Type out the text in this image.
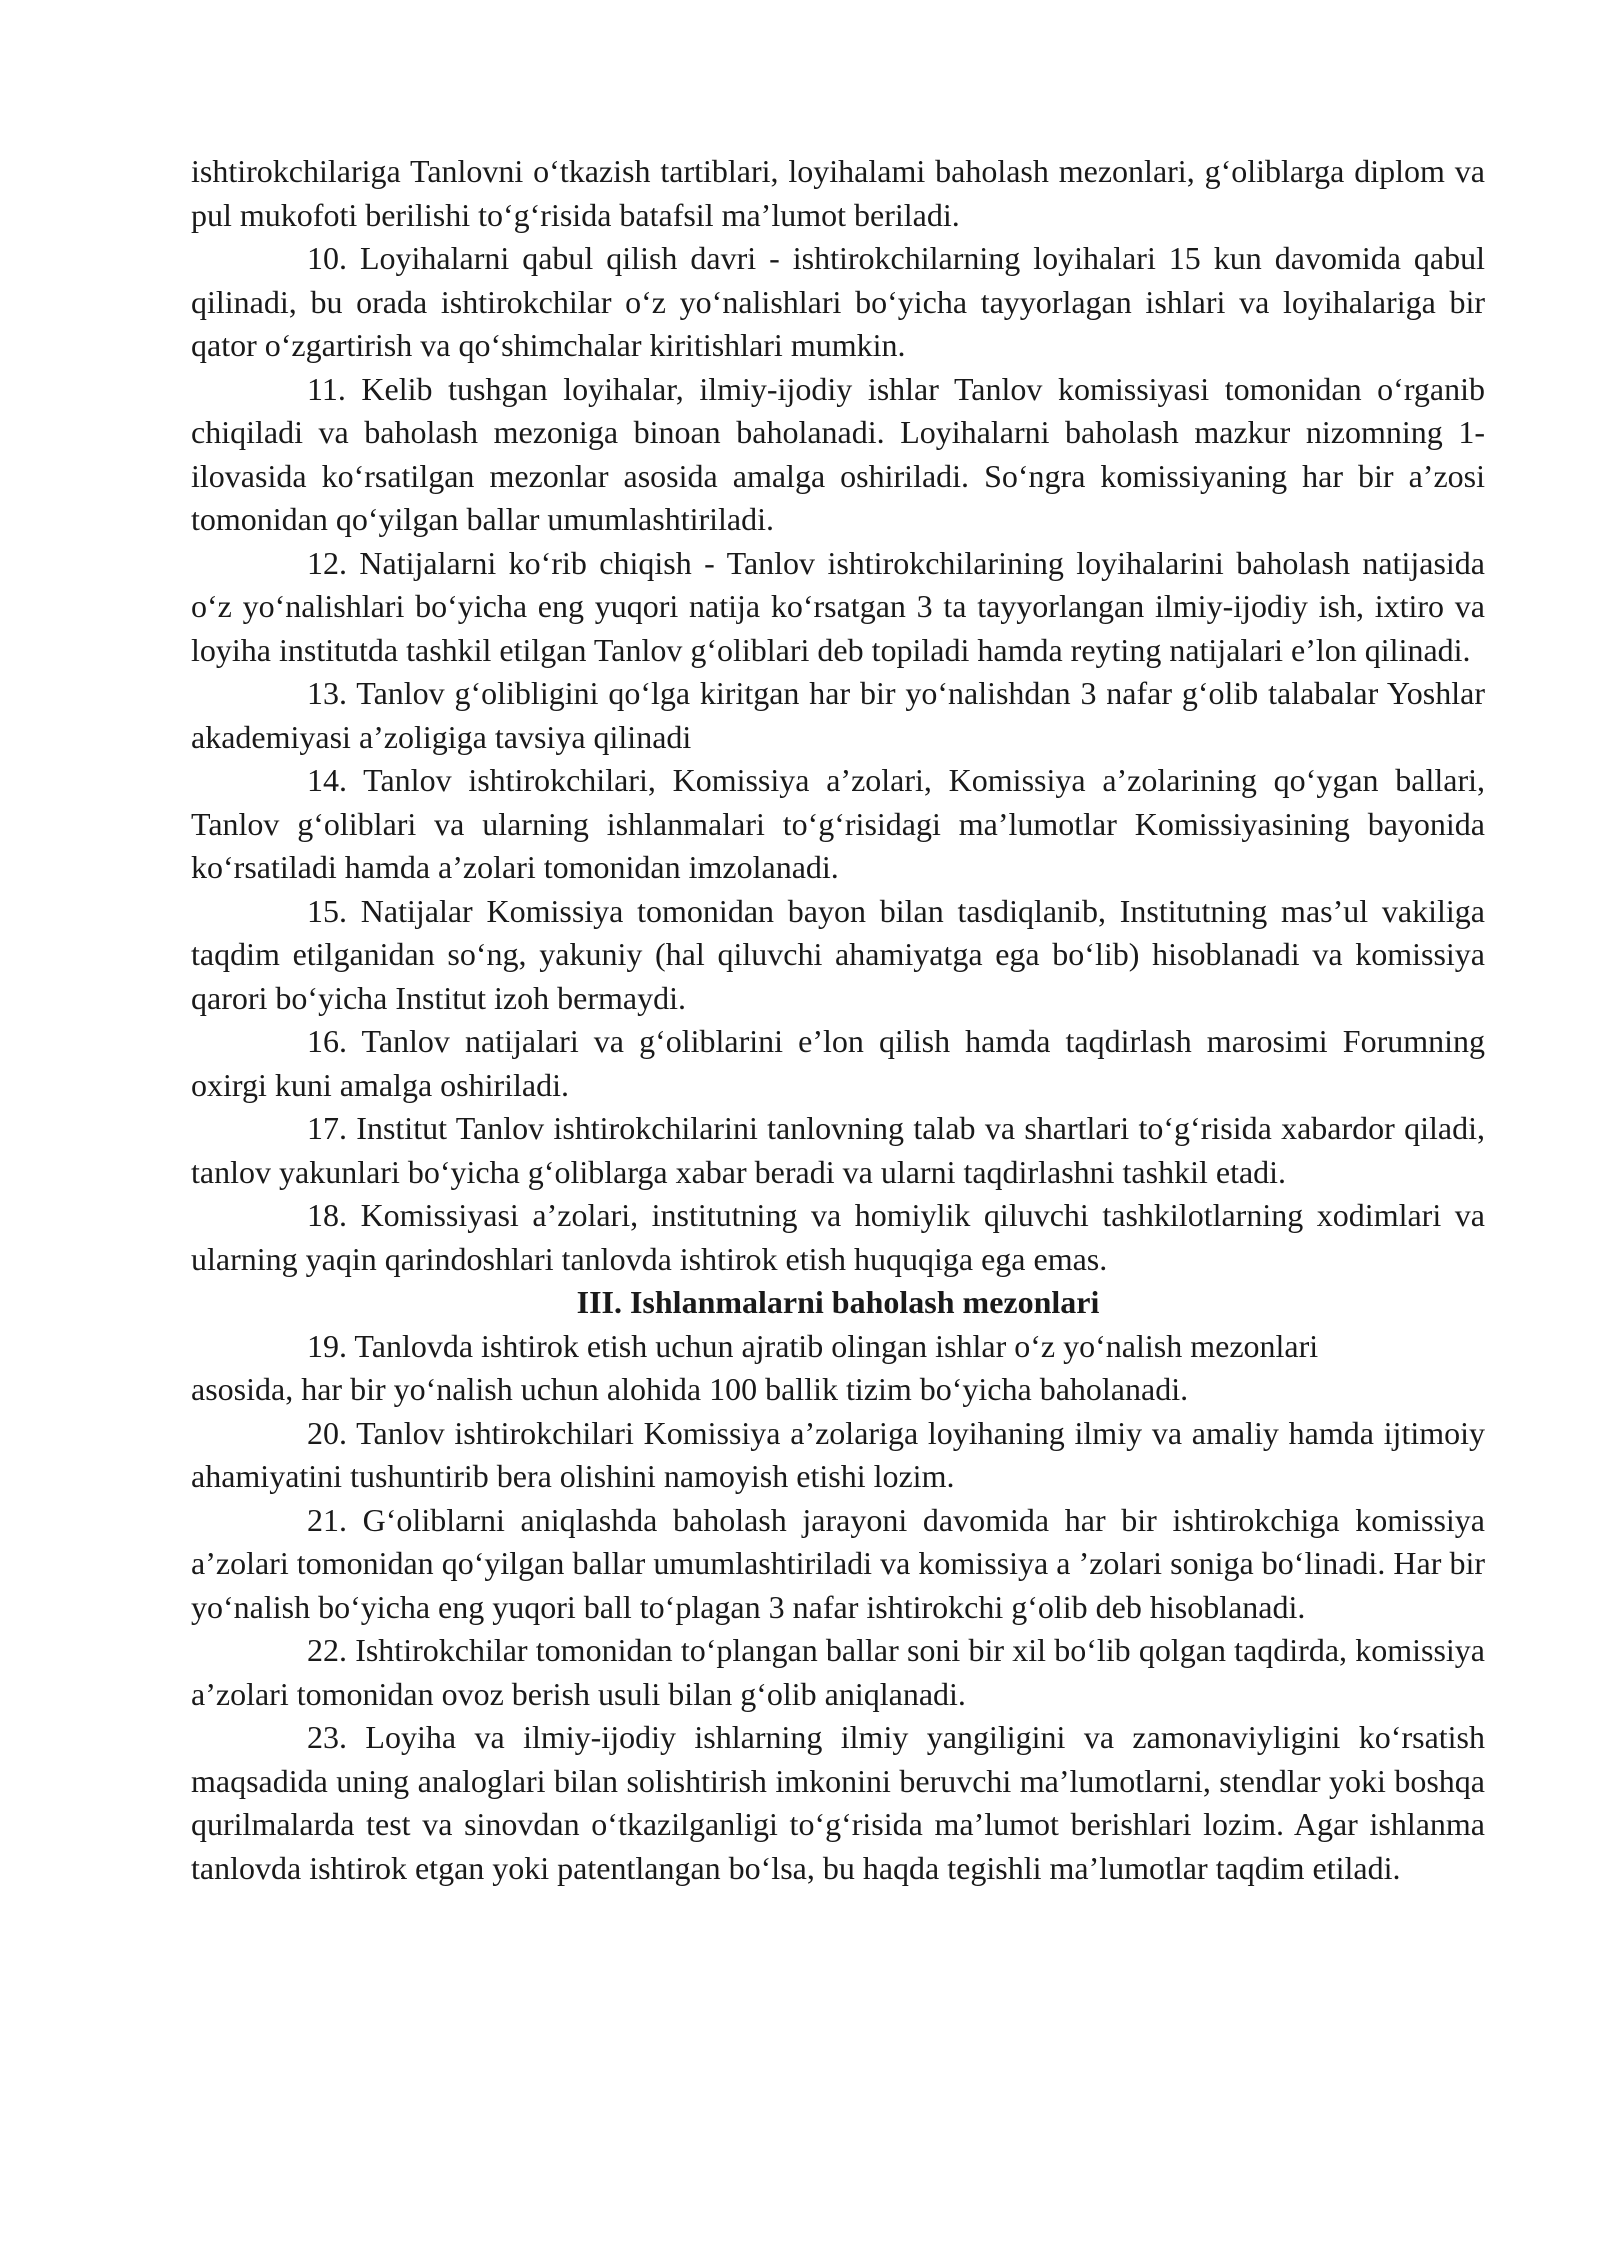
ishtirokchilariga Tanlovni o‘tkazish tartiblari, loyihalami baholash mezonlari, g‘oliblarga diplom va pul mukofoti berilishi to‘g‘risida batafsil ma’lumot beriladi.

10. Loyihalarni qabul qilish davri - ishtirokchilarning loyihalari 15 kun davomida qabul qilinadi, bu orada ishtirokchilar o‘z yo‘nalishlari bo‘yicha tayyorlagan ishlari va loyihalariga bir qator o‘zgartirish va qo‘shimchalar kiritishlari mumkin.

11. Kelib tushgan loyihalar, ilmiy-ijodiy ishlar Tanlov komissiyasi tomonidan o‘rganib chiqiladi va baholash mezoniga binoan baholanadi. Loyihalarni baholash mazkur nizomning 1-ilovasida ko‘rsatilgan mezonlar asosida amalga oshiriladi. So‘ngra komissiyaning har bir a’zosi tomonidan qo‘yilgan ballar umumlashtiriladi.

12. Natijalarni ko‘rib chiqish - Tanlov ishtirokchilarining loyihalarini baholash natijasida o‘z yo‘nalishlari bo‘yicha eng yuqori natija ko‘rsatgan 3 ta tayyorlangan ilmiy-ijodiy ish, ixtiro va loyiha institutda tashkil etilgan Tanlov g‘oliblari deb topiladi hamda reyting natijalari e’lon qilinadi.

13. Tanlov g‘olibligini qo‘lga kiritgan har bir yo‘nalishdan 3 nafar g‘olib talabalar Yoshlar akademiyasi a’zoligiga tavsiya qilinadi

14. Tanlov ishtirokchilari, Komissiya a’zolari, Komissiya a’zolarining qo‘ygan ballari, Tanlov g‘oliblari va ularning ishlanmalari to‘g‘risidagi ma’lumotlar Komissiyasining bayonida ko‘rsatiladi hamda a’zolari tomonidan imzolanadi.

15. Natijalar Komissiya tomonidan bayon bilan tasdiqlanib, Institutning mas’ul vakiliga taqdim etilganidan so‘ng, yakuniy (hal qiluvchi ahamiyatga ega bo‘lib) hisoblanadi va komissiya qarori bo‘yicha Institut izoh bermaydi.

16. Tanlov natijalari va g‘oliblarini e’lon qilish hamda taqdirlash marosimi Forumning oxirgi kuni amalga oshiriladi.

17. Institut Tanlov ishtirokchilarini tanlovning talab va shartlari to‘g‘risida xabardor qiladi, tanlov yakunlari bo‘yicha g‘oliblarga xabar beradi va ularni taqdirlashni tashkil etadi.

18. Komissiyasi a’zolari, institutning va homiylik qiluvchi tashkilotlarning xodimlari va ularning yaqin qarindoshlari tanlovda ishtirok etish huquqiga ega emas.

III. Ishlanmalarni baholash mezonlari

19. Tanlovda ishtirok etish uchun ajratib olingan ishlar o‘z yo‘nalish mezonlari

asosida, har bir yo‘nalish uchun alohida 100 ballik tizim bo‘yicha baholanadi.

20. Tanlov ishtirokchilari Komissiya a’zolariga loyihaning ilmiy va amaliy hamda ijtimoiy ahamiyatini tushuntirib bera olishini namoyish etishi lozim.

21. G‘oliblarni aniqlashda baholash jarayoni davomida har bir ishtirokchiga komissiya a’zolari tomonidan qo‘yilgan ballar umumlashtiriladi va komissiya a ’zolari soniga bo‘linadi. Har bir yo‘nalish bo‘yicha eng yuqori ball to‘plagan 3 nafar ishtirokchi g‘olib deb hisoblanadi.

22. Ishtirokchilar tomonidan to‘plangan ballar soni bir xil bo‘lib qolgan taqdirda, komissiya a’zolari tomonidan ovoz berish usuli bilan g‘olib aniqlanadi.

23. Loyiha va ilmiy-ijodiy ishlarning ilmiy yangiligini va zamonaviyligini ko‘rsatish maqsadida uning analoglari bilan solishtirish imkonini beruvchi ma’lumotlarni, stendlar yoki boshqa qurilmalarda test va sinovdan o‘tkazilganligi to‘g‘risida ma’lumot berishlari lozim. Agar ishlanma tanlovda ishtirok etgan yoki patentlangan bo‘lsa, bu haqda tegishli ma’lumotlar taqdim etiladi.
